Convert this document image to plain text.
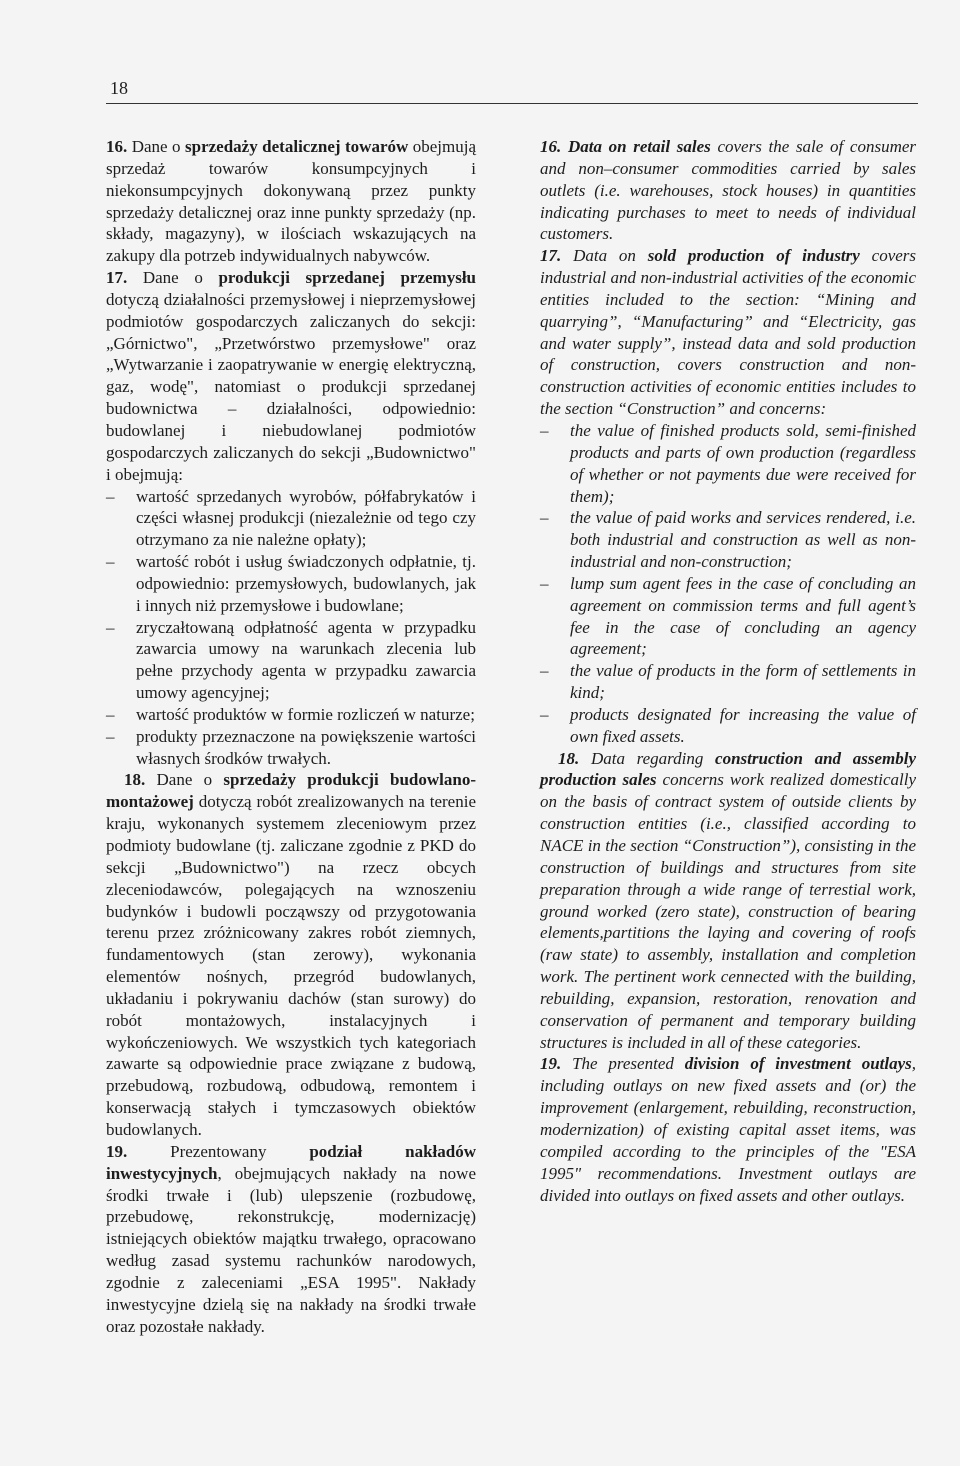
18

16. Dane o sprzedaży detalicznej towarów obejmują sprzedaż towarów konsumpcyjnych i niekonsumpcyjnych dokonywaną przez punkty sprzedaży detalicznej oraz inne punkty sprzedaży (np. składy, magazyny), w ilościach wskazujących na zakupy dla potrzeb indywidualnych nabywców.

17. Dane o produkcji sprzedanej przemysłu dotyczą działalności przemysłowej i nieprzemysłowej podmiotów gospodarczych zaliczanych do sekcji: „Górnictwo", „Przetwórstwo przemysłowe" oraz „Wytwarzanie i zaopatrywanie w energię elektryczną, gaz, wodę", natomiast o produkcji sprzedanej budownictwa – działalności, odpowiednio: budowlanej i niebudowlanej podmiotów gospodarczych zaliczanych do sekcji „Budownictwo" i obejmują:

– wartość sprzedanych wyrobów, półfabrykatów i części własnej produkcji (niezależnie od tego czy otrzymano za nie należne opłaty);
– wartość robót i usług świadczonych odpłatnie, tj. odpowiednio: przemysłowych, budowlanych, jak i innych niż przemysłowe i budowlane;
– zryczałtowaną odpłatność agenta w przypadku zawarcia umowy na warunkach zlecenia lub pełne przychody agenta w przypadku zawarcia umowy agencyjnej;
– wartość produktów w formie rozliczeń w naturze;
– produkty przeznaczone na powiększenie wartości własnych środków trwałych.

18. Dane o sprzedaży produkcji budowlano-montażowej dotyczą robót zrealizowanych na terenie kraju, wykonanych systemem zleceniowym przez podmioty budowlane (tj. zaliczane zgodnie z PKD do sekcji „Budownictwo") na rzecz obcych zleceniodawców, polegających na wznoszeniu budynków i budowli począwszy od przygotowania terenu przez zróżnicowany zakres robót ziemnych, fundamentowych (stan zerowy), wykonania elementów nośnych, przegród budowlanych, układaniu i pokrywaniu dachów (stan surowy) do robót montażowych, instalacyjnych i wykończeniowych. We wszystkich tych kategoriach zawarte są odpowiednie prace związane z budową, przebudową, rozbudową, odbudową, remontem i konserwacją stałych i tymczasowych obiektów budowlanych.

19.	Prezentowany podział nakładów inwestycyjnych, obejmujących nakłady na nowe środki trwałe i (lub) ulepszenie (rozbudowę, przebudowę, rekonstrukcję, modernizację) istniejących obiektów majątku trwałego, opracowano według zasad systemu rachunków narodowych, zgodnie z zaleceniami „ESA 1995". Nakłady inwestycyjne dzielą się na nakłady na środki trwałe oraz pozostałe nakłady.

16. Data on retail sales covers the sale of consumer and non–consumer commodities carried by sales outlets (i.e. warehouses, stock houses) in quantities indicating purchases to meet to needs of individual customers.

17. Data on sold production of industry covers industrial and non-industrial activities of the economic entities included to the section: “Mining and quarrying”, “Manufacturing” and “Electricity, gas and water supply”, instead data and sold production of construction, covers construction and non-construction activities of economic entities includes to the section “Construction” and concerns:

– the value of finished products sold, semi-finished products and parts of own production (regardless of whether or not payments due were received for them);
– the value of paid works and services rendered, i.e. both industrial and construction as well as non-industrial and non-construction;
– lump sum agent fees in the case of concluding an agreement on commission terms and full agent’s fee in the case of concluding an agency agreement;
– the value of products in the form of settlements in kind;
– products designated for increasing the value of own fixed assets.

18. Data regarding construction and assembly production sales concerns work realized domestically on the basis of contract system of outside clients by construction entities (i.e., classified according to NACE in the section “Construction”), consisting in the construction of buildings and structures from site preparation through a wide range of terrestial work, ground worked (zero state), construction of bearing elements,partitions the laying and covering of roofs (raw state) to assembly, installation and completion work. The pertinent work cennected with the building, rebuilding, expansion, restoration, renovation and conservation of permanent and temporary building structures is included in all of these categories.

19. The presented division of investment outlays, including outlays on new fixed assets and (or) the improvement (enlargement, rebuilding, reconstruction, modernization) of existing capital asset items, was compiled according to the principles of the "ESA 1995" recommendations. Investment outlays are divided into outlays on fixed assets and other outlays.
